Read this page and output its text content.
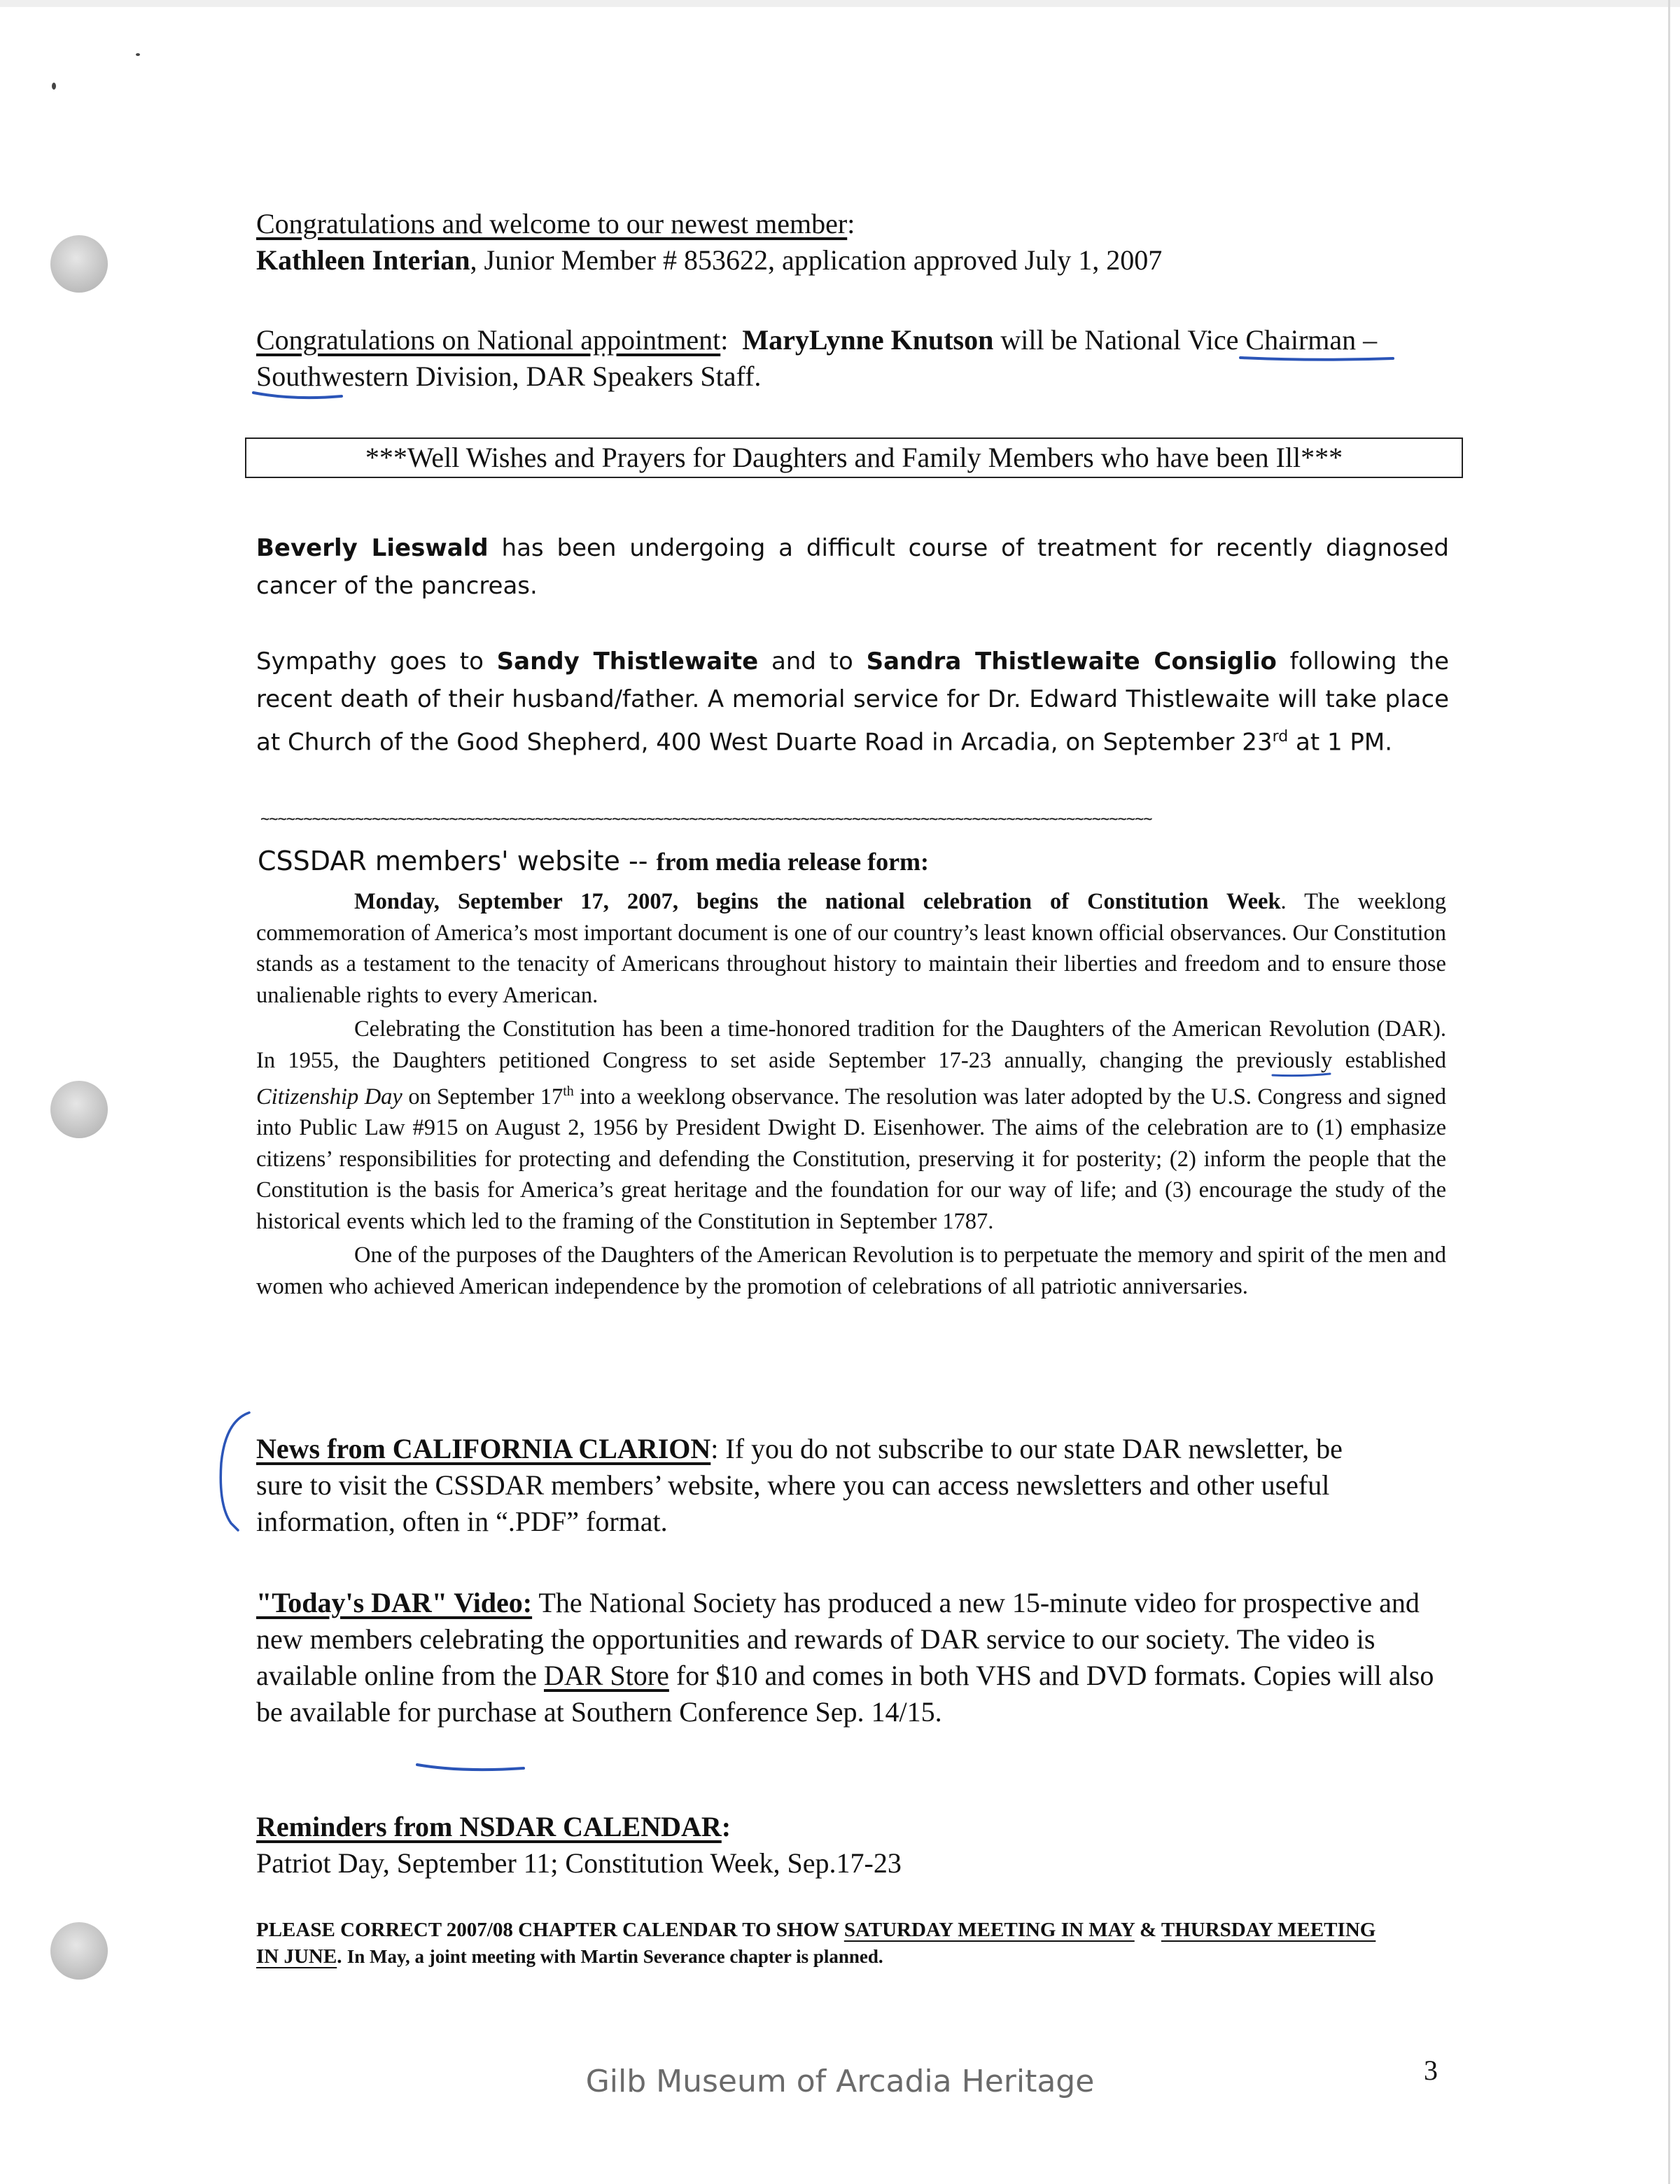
Congratulations and welcome to our newest member:
Kathleen Interian, Junior Member # 853622, application approved July 1, 2007
Congratulations on National appointment: MaryLynne Knutson will be National Vice Chairman – Southwestern Division, DAR Speakers Staff.
***Well Wishes and Prayers for Daughters and Family Members who have been Ill***
Beverly Lieswald has been undergoing a difficult course of treatment for recently diagnosed cancer of the pancreas.
Sympathy goes to Sandy Thistlewaite and to Sandra Thistlewaite Consiglio following the recent death of their husband/father. A memorial service for Dr. Edward Thistlewaite will take place at Church of the Good Shepherd, 400 West Duarte Road in Arcadia, on September 23rd at 1 PM.
~~~~~~~~~~~~~~~~~~~~~~~~~~~~~~~~~~~~~~~~~~~~~~~~~~~~~~~~~~~~~~~~~~~~~~~~~~~~~~~~~~~~~~~~~~~~~~~~~~~~~~~~
CSSDAR members' website -- from media release form:

Monday, September 17, 2007, begins the national celebration of Constitution Week. The weeklong commemoration of America’s most important document is one of our country’s least known official observances. Our Constitution stands as a testament to the tenacity of Americans throughout history to maintain their liberties and freedom and to ensure those unalienable rights to every American.

Celebrating the Constitution has been a time-honored tradition for the Daughters of the American Revolution (DAR). In 1955, the Daughters petitioned Congress to set aside September 17-23 annually, changing the previously established Citizenship Day on September 17th into a weeklong observance. The resolution was later adopted by the U.S. Congress and signed into Public Law #915 on August 2, 1956 by President Dwight D. Eisenhower. The aims of the celebration are to (1) emphasize citizens’ responsibilities for protecting and defending the Constitution, preserving it for posterity; (2) inform the people that the Constitution is the basis for America’s great heritage and the foundation for our way of life; and (3) encourage the study of the historical events which led to the framing of the Constitution in September 1787.

One of the purposes of the Daughters of the American Revolution is to perpetuate the memory and spirit of the men and women who achieved American independence by the promotion of celebrations of all patriotic anniversaries.

News from CALIFORNIA CLARION: If you do not subscribe to our state DAR newsletter, be sure to visit the CSSDAR members’ website, where you can access newsletters and other useful information, often in “.PDF” format.
"Today's DAR" Video: The National Society has produced a new 15-minute video for prospective and new members celebrating the opportunities and rewards of DAR service to our society. The video is available online from the DAR Store for $10 and comes in both VHS and DVD formats. Copies will also be available for purchase at Southern Conference Sep. 14/15.
Reminders from NSDAR CALENDAR:
Patriot Day, September 11; Constitution Week, Sep.17-23
PLEASE CORRECT 2007/08 CHAPTER CALENDAR TO SHOW SATURDAY MEETING IN MAY & THURSDAY MEETING IN JUNE. In May, a joint meeting with Martin Severance chapter is planned.
Gilb Museum of Arcadia Heritage	3
